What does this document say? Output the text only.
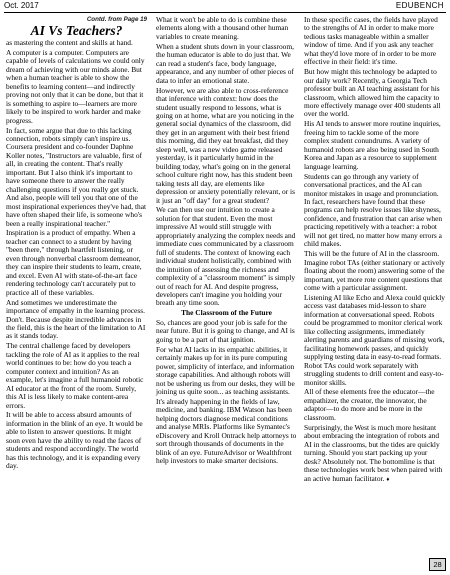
Oct. 2017	EDUBENCH
Contd. from Page 19
AI Vs Teachers?

as mastering the content and skills at hand.

A computer is a computer. Computers are capable of levels of calculations we could only dream of achieving with our minds alone. But when a human teacher is able to show the benefits to learning content—and indirectly proving not only that it can be done, but that it is something to aspire to—learners are more likely to be inspired to work harder and make progress.

In fact, some argue that due to this lacking connection, robots simply can't inspire us. Coursera president and co-founder Daphne Koller notes, "Instructors are valuable, first of all, in creating the content. That's really important. But I also think it's important to have someone there to answer the really challenging questions if you really get stuck. And also, people will tell you that one of the most inspirational experiences they've had, that have often shaped their life, is someone who's been a really inspirational teacher."

Inspiration is a product of empathy. When a teacher can connect to a student by having "been there," through heartfelt listening, or even through nonverbal classroom demeanor, they can inspire their students to learn, create, and excel. Even AI with state-of-the-art face rendering technology can't accurately put to practice all of these variables.

And sometimes we underestimate the importance of empathy in the learning process. Don't. Because despite incredible advances in the field, this is the heart of the limitation to AI as it stands today.

The central challenge faced by developers tackling the role of AI as it applies to the real world continues to be: how do you teach a computer context and intuition? As an example, let's imagine a full humanoid robotic AI educator at the front of the room. Surely, this AI is less likely to make content-area errors.

It will be able to access absurd amounts of information in the blink of an eye. It would be able to listen to answer questions. It might soon even have the ability to read the faces of students and respond accordingly. The world has this technology, and it is expanding every day.

What it won't be able to do is combine these elements along with a thousand other human variables to create meaning.

When a student shuts down in your classroom, the human educator is able to do just that. We can read a student's face, body language, appearance, and any number of other pieces of data to infer an emotional state.

However, we are also able to cross-reference that inference with context: how does the student usually respond to lessons, what is going on at home, what are you noticing in the general social dynamics of the classroom, did they get in an argument with their best friend this morning, did they eat breakfast, did they sleep well, was a new video game released yesterday, is it particularly humid in the building today, what's going on in the general school culture right now, has this student been taking tests all day, are elements like depression or anxiety potentially relevant, or is it just an "off day" for a great student?

We can then use our intuition to create a solution for that student. Even the most impressive AI would still struggle with appropriately analyzing the complex needs and immediate cues communicated by a classroom full of students. The context of knowing each individual student holistically, combined with the intuition of assessing the richness and complexity of a "classroom moment" is simply out of reach for AI. And despite progress, developers can't imagine you holding your breath any time soon.

The Classroom of the Future

So, chances are good your job is safe for the near future. But it is going to change, and AI is going to be a part of that ignition.

For what AI lacks in its empathic abilities, it certainly makes up for in its pure computing power, simplicity of interface, and information storage capabilities. And although robots will not be ushering us from our desks, they will be joining us quite soon... as teaching assistants.

It's already happening in the fields of law, medicine, and banking. IBM Watson has been helping doctors diagnose medical conditions and analyse MRIs. Platforms like Symantec's eDiscovery and Kroll Ontrack help attorneys to sort through thousands of documents in the blink of an eye. FutureAdvisor or Wealthfront help investors to make smarter decisions.

In these specific cases, the fields have played to the strengths of AI in order to make more tedious tasks manageable within a smaller window of time. And if you ask any teacher what they'd love more of in order to be more effective in their field: it's time.

But how might this technology be adapted to our daily work? Recently, a Georgia Tech professor built an AI teaching assistant for his classroom, which allowed him the capacity to more effectively manage over 400 students all over the world.

His AI tends to answer more routine inquiries, freeing him to tackle some of the more complex student conundrums. A variety of humanoid robots are also being used in South Korea and Japan as a resource to supplement language learning.

Students can go through any variety of conversational practices, and the AI can monitor mistakes in usage and pronunciation. In fact, researchers have found that these programs can help resolve issues like shyness, confidence, and frustration that can arise when practicing repetitively with a teacher: a robot will not get tired, no matter how many errors a child makes.

This will be the future of AI in the classroom. Imagine robot TAs (either stationary or actively floating about the room) answering some of the important, yet more rote content questions that come with a particular assignment.

Listening AI like Echo and Alexa could quickly access vast databases mid-lesson to share information at conversational speed. Robots could be programmed to monitor clerical work like collecting assignments, immediately alerting parents and guardians of missing work, facilitating homework passes, and quickly supplying testing data in easy-to-read formats. Robot TAs could work separately with struggling students to drill content and easy-to-monitor skills.

All of these elements free the educator—the empathizer, the creator, the innovator, the adaptor—to do more and be more in the classroom.

Surprisingly, the West is much more hesitant about embracing the integration of robots and AI in the classrooms, but the tides are quickly turning. Should you start packing up your desk? Absolutely not. The bottomline is that these technologies work best when paired with an active human facilitator. ♦

28
